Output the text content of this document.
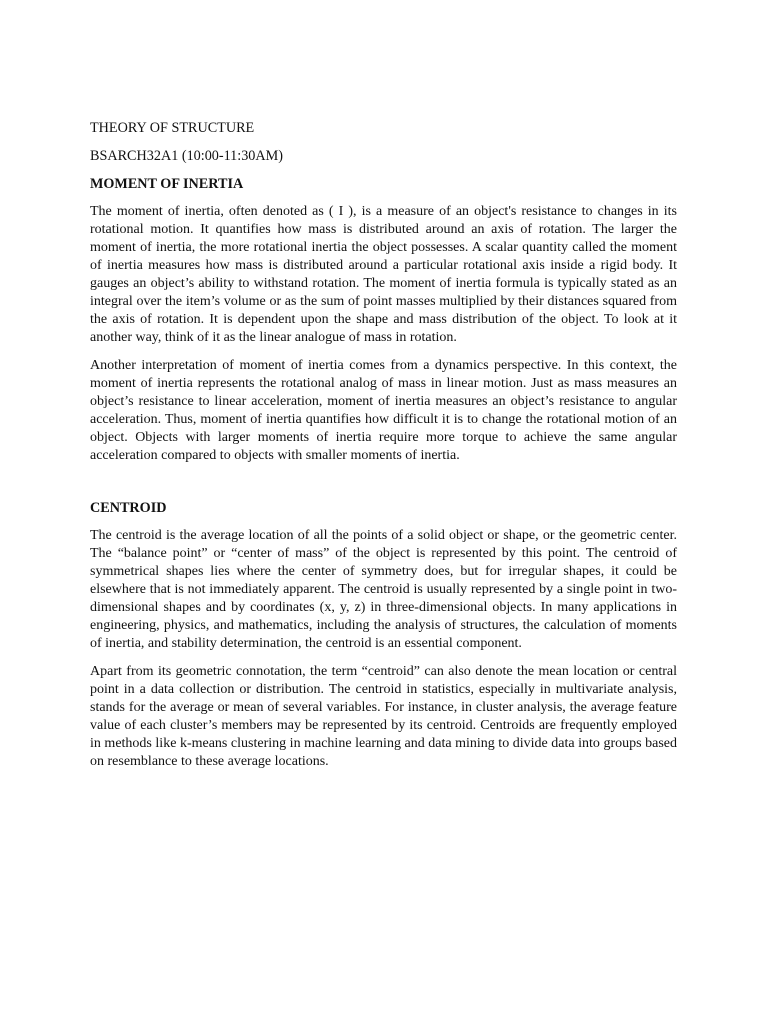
THEORY OF STRUCTURE
BSARCH32A1 (10:00-11:30AM)
MOMENT OF INERTIA

The moment of inertia, often denoted as ( I ), is a measure of an object's resistance to changes in its rotational motion. It quantifies how mass is distributed around an axis of rotation. The larger the moment of inertia, the more rotational inertia the object possesses. A scalar quantity called the moment of inertia measures how mass is distributed around a particular rotational axis inside a rigid body. It gauges an object’s ability to withstand rotation. The moment of inertia formula is typically stated as an integral over the item’s volume or as the sum of point masses multiplied by their distances squared from the axis of rotation. It is dependent upon the shape and mass distribution of the object. To look at it another way, think of it as the linear analogue of mass in rotation.

Another interpretation of moment of inertia comes from a dynamics perspective. In this context, the moment of inertia represents the rotational analog of mass in linear motion. Just as mass measures an object’s resistance to linear acceleration, moment of inertia measures an object’s resistance to angular acceleration. Thus, moment of inertia quantifies how difficult it is to change the rotational motion of an object. Objects with larger moments of inertia require more torque to achieve the same angular acceleration compared to objects with smaller moments of inertia.

CENTROID

The centroid is the average location of all the points of a solid object or shape, or the geometric center. The “balance point” or “center of mass” of the object is represented by this point. The centroid of symmetrical shapes lies where the center of symmetry does, but for irregular shapes, it could be elsewhere that is not immediately apparent. The centroid is usually represented by a single point in two-dimensional shapes and by coordinates (x, y, z) in three-dimensional objects. In many applications in engineering, physics, and mathematics, including the analysis of structures, the calculation of moments of inertia, and stability determination, the centroid is an essential component.

Apart from its geometric connotation, the term “centroid” can also denote the mean location or central point in a data collection or distribution. The centroid in statistics, especially in multivariate analysis, stands for the average or mean of several variables. For instance, in cluster analysis, the average feature value of each cluster’s members may be represented by its centroid. Centroids are frequently employed in methods like k-means clustering in machine learning and data mining to divide data into groups based on resemblance to these average locations.
